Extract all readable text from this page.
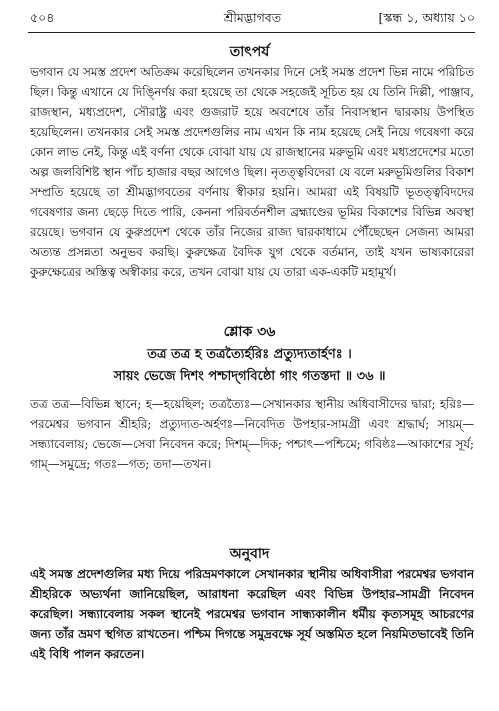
৫০৪	শ্রীমদ্ভাগবত	[স্কন্ধ ১, অধ্যায় ১০
তাৎপর্য

ভগবান যে সমস্ত প্রদেশ অতিক্রম করেছিলেন তখনকার দিনে সেই সমস্ত প্রদেশ ভিন্ন নামে পরিচিত ছিল। কিন্তু এখানে যে দিঙ্নির্ণয় করা হয়েছে তা থেকে সহজেই সূচিত হয় যে তিনি দিল্লী, পাঞ্জাব, রাজস্থান, মধ্যপ্রদেশ, সৌরাষ্ট্র এবং গুজরাট হয়ে অবশেষে তাঁর নিবাসস্থান দ্বারকায় উপস্থিত হয়েছিলেন। তখনকার সেই সমস্ত প্রদেশগুলির নাম এখন কি নাম হয়েছে সেই নিয়ে গবেষণা করে কোন লাভ নেই, কিন্তু এই বর্ণনা থেকে বোঝা যায় যে রাজস্থানের মরুভূমি এবং মধ্যপ্রদেশের মতো অল্প জলবিশিষ্ট স্থান পাঁচ হাজার বছর আগেও ছিল। নৃতত্ত্ববিদেরা যে বলে মরুভূমিগুলির বিকাশ সম্প্রতি হয়েছে তা শ্রীমদ্ভাগবতের বর্ণনায় স্বীকার হয়নি। আমরা এই বিষয়টি ভূতত্ত্ববিদদের গবেষণার জন্য ছেড়ে দিতে পারি, কেননা পরিবর্তনশীল ব্রহ্মাণ্ডের ভূমির বিকাশের বিভিন্ন অবস্থা রয়েছে। ভগবান যে কুরুপ্রদেশ থেকে তাঁর নিজের রাজ্য দ্বারকাধামে পৌঁছেছেন সেজন্য আমরা অত্যন্ত প্রসন্নতা অনুভব করছি। কুরুক্ষেত্র বৈদিক যুগ থেকে বর্তমান, তাই যখন ভাষ্যকারেরা কুরুক্ষেত্রের অস্তিত্ব অস্বীকার করে, তখন বোঝা যায় যে তারা এক-একটি মহামূর্খ।

শ্লোক ৩৬
তত্র তত্র হ তত্রত্যৈর্হরিঃ প্রত্যুদ্যতার্হণঃ ।
সায়ং ভেজে দিশং পশ্চাদ্‌গবিষ্ঠো গাং গতস্তদা ॥ ৩৬ ॥

তত্র তত্র—বিভিন্ন স্থানে; হ—হয়েছিল; তত্রত্যৈঃ—সেখানকার স্থানীয় অধিবাসীদের দ্বারা; হরিঃ—পরমেশ্বর ভগবান শ্রীহরি; প্রত্যুদ্যত-অর্হণঃ—নিবেদিত উপহার-সামগ্রী এবং শ্রদ্ধার্ঘ; সায়ম্—সন্ধ্যাবেলায়; ভেজে—সেবা নিবেদন করে; দিশম্—দিক; পশ্চাৎ—পশ্চিমে; গবিষ্ঠঃ—আকাশের সূর্য; গাম্—সমুদ্রে; গতঃ—গত; তদা—তখন।

অনুবাদ

এই সমস্ত প্রদেশগুলির মধ্য দিয়ে পরিভ্রমণকালে সেখানকার স্থানীয় অধিবাসীরা পরমেশ্বর ভগবান শ্রীহরিকে অভ্যর্থনা জানিয়েছিল, আরাধনা করেছিল এবং বিভিন্ন উপহার-সামগ্রী নিবেদন করেছিল। সন্ধ্যাবেলায় সকল স্থানেই পরমেশ্বর ভগবান সান্ধ্যকালীন ধর্মীয় কৃত্যসমূহ আচরণের জন্য তাঁর ভ্রমণ স্থগিত রাখতেন। পশ্চিম দিগন্তে সমুদ্রবক্ষে সূর্য অস্তমিত হলে নিয়মিতভাবেই তিনি এই বিধি পালন করতেন।
